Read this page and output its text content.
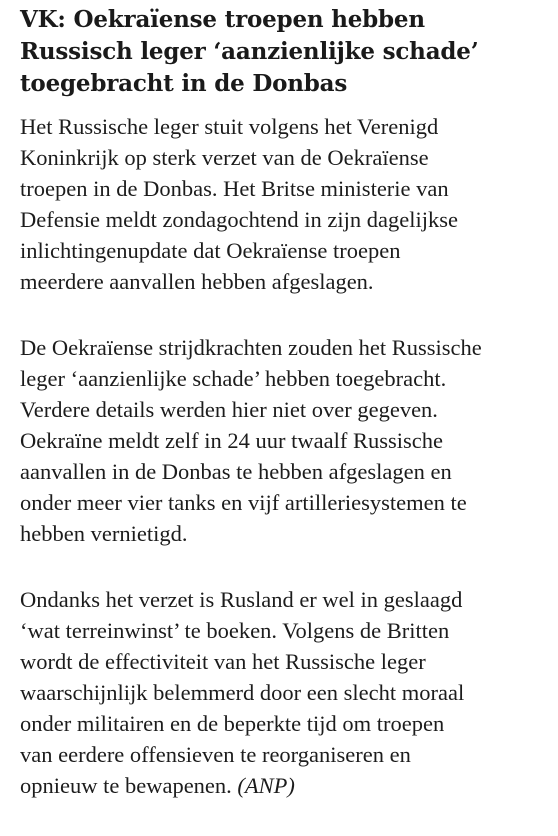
VK: Oekraïense troepen hebben
Russisch leger ‘aanzienlijke schade’
toegebracht in de Donbas

Het Russische leger stuit volgens het Verenigd
Koninkrijk op sterk verzet van de Oekraïense
troepen in de Donbas. Het Britse ministerie van
Defensie meldt zondagochtend in zijn dagelijkse
inlichtingenupdate dat Oekraïense troepen
meerdere aanvallen hebben afgeslagen.

De Oekraïense strijdkrachten zouden het Russische
leger ‘aanzienlijke schade’ hebben toegebracht.
Verdere details werden hier niet over gegeven.
Oekraïne meldt zelf in 24 uur twaalf Russische
aanvallen in de Donbas te hebben afgeslagen en
onder meer vier tanks en vijf artilleriesystemen te
hebben vernietigd.

Ondanks het verzet is Rusland er wel in geslaagd
‘wat terreinwinst’ te boeken. Volgens de Britten
wordt de effectiviteit van het Russische leger
waarschijnlijk belemmerd door een slecht moraal
onder militairen en de beperkte tijd om troepen
van eerdere offensieven te reorganiseren en
opnieuw te bewapenen. (ANP)
